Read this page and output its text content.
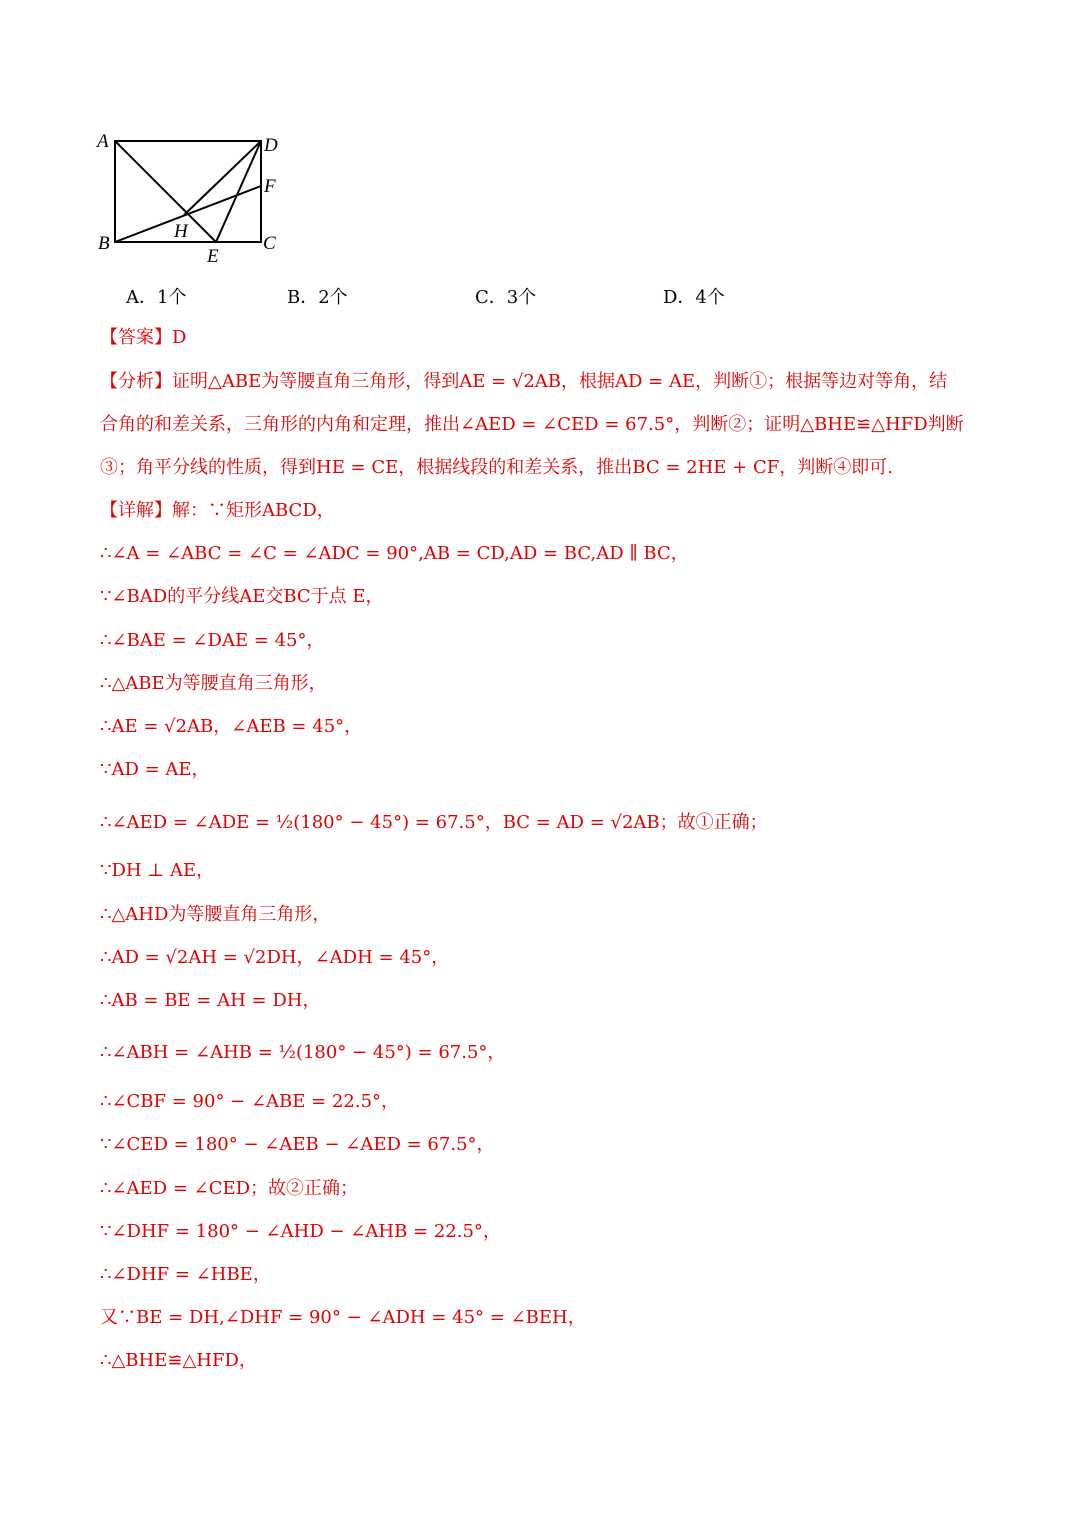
A	D
F
H
B	C
E
A．1个	B．2个	C．3个	D．4个
【答案】D
【分析】证明△ABE为等腰直角三角形，得到AE = √2AB，根据AD = AE，判断①；根据等边对等角，结
合角的和差关系，三角形的内角和定理，推出∠AED = ∠CED = 67.5°，判断②；证明△BHE≌△HFD判断
③；角平分线的性质，得到HE = CE，根据线段的和差关系，推出BC = 2HE + CF，判断④即可.
【详解】解：∵矩形ABCD，
∴∠A = ∠ABC = ∠C = ∠ADC = 90°,AB = CD,AD = BC,AD ∥ BC，
∵∠BAD的平分线AE交BC于点 E，
∴∠BAE = ∠DAE = 45°，
∴△ABE为等腰直角三角形，
∴AE = √2AB，∠AEB = 45°，
∵AD = AE，
∴∠AED = ∠ADE = ½(180° − 45°) = 67.5°，BC = AD = √2AB；故①正确；
∵DH ⊥ AE，
∴△AHD为等腰直角三角形，
∴AD = √2AH = √2DH，∠ADH = 45°，
∴AB = BE = AH = DH，
∴∠ABH = ∠AHB = ½(180° − 45°) = 67.5°，
∴∠CBF = 90° − ∠ABE = 22.5°，
∵∠CED = 180° − ∠AEB − ∠AED = 67.5°，
∴∠AED = ∠CED；故②正确；
∵∠DHF = 180° − ∠AHD − ∠AHB = 22.5°，
∴∠DHF = ∠HBE，
又∵BE = DH,∠DHF = 90° − ∠ADH = 45° = ∠BEH，
∴△BHE≌△HFD，
